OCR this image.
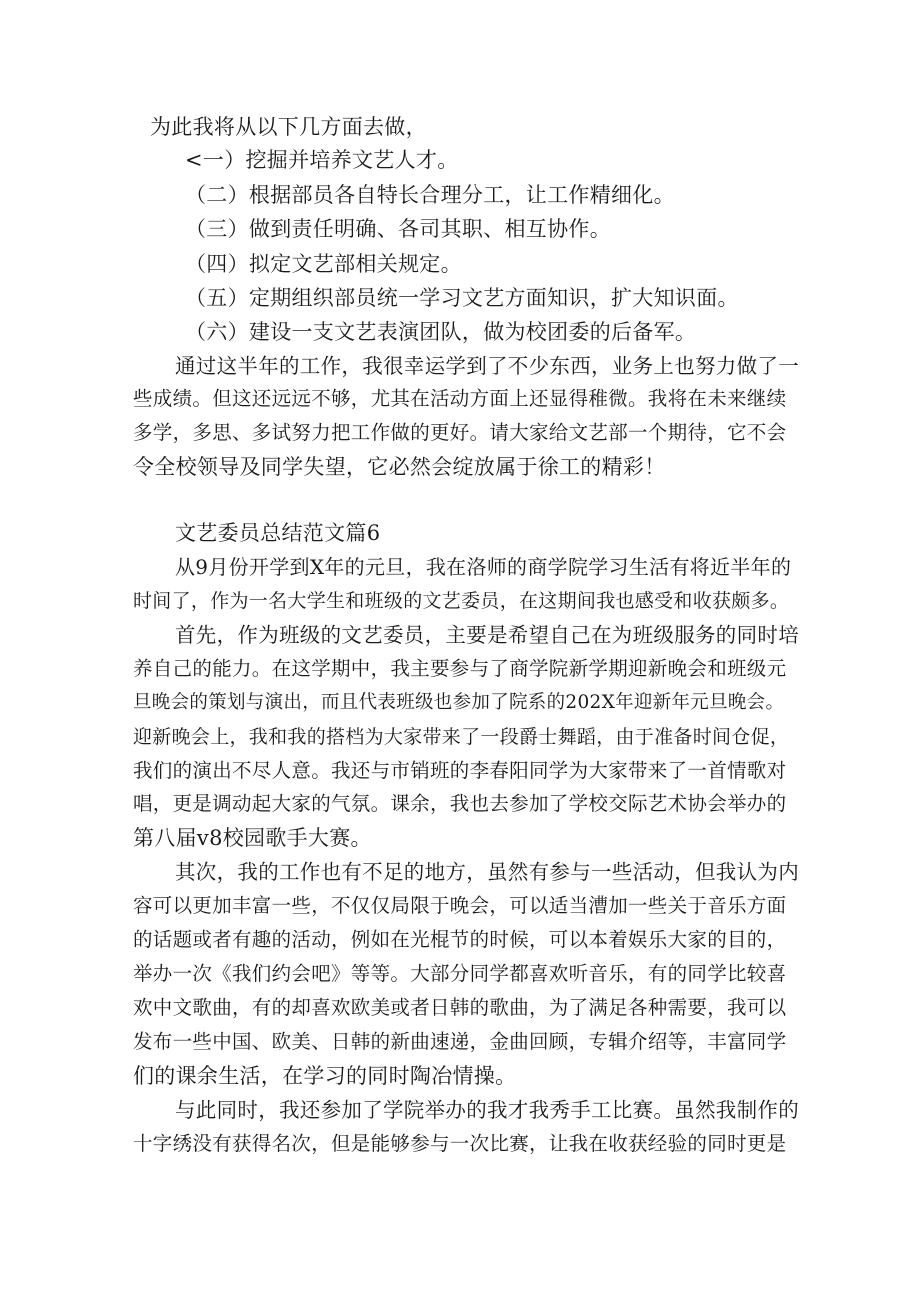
为此我将从以下几方面去做，
<一）挖掘并培养文艺人才。
（二）根据部员各自特长合理分工，让工作精细化。
（三）做到责任明确、各司其职、相互协作。
（四）拟定文艺部相关规定。
（五）定期组织部员统一学习文艺方面知识，扩大知识面。
（六）建设一支文艺表演团队，做为校团委的后备军。
通过这半年的工作，我很幸运学到了不少东西，业务上也努力做了一
些成绩。但这还远远不够，尤其在活动方面上还显得稚微。我将在未来继续
多学，多思、多试努力把工作做的更好。请大家给文艺部一个期待，它不会
令全校领导及同学失望，它必然会绽放属于徐工的精彩！
文艺委员总结范文篇6
从9月份开学到X年的元旦，我在洛师的商学院学习生活有将近半年的
时间了，作为一名大学生和班级的文艺委员，在这期间我也感受和收获颇多。
首先，作为班级的文艺委员，主要是希望自己在为班级服务的同时培
养自己的能力。在这学期中，我主要参与了商学院新学期迎新晚会和班级元
旦晚会的策划与演出，而且代表班级也参加了院系的202X年迎新年元旦晚会。
迎新晚会上，我和我的搭档为大家带来了一段爵士舞蹈，由于准备时间仓促，
我们的演出不尽人意。我还与市销班的李春阳同学为大家带来了一首情歌对
唱，更是调动起大家的气氛。课余，我也去参加了学校交际艺术协会举办的
第八届v8校园歌手大赛。
其次，我的工作也有不足的地方，虽然有参与一些活动，但我认为内
容可以更加丰富一些，不仅仅局限于晚会，可以适当漕加一些关于音乐方面
的话题或者有趣的活动，例如在光棍节的时候，可以本着娱乐大家的目的，
举办一次《我们约会吧》等等。大部分同学都喜欢听音乐，有的同学比较喜
欢中文歌曲，有的却喜欢欧美或者日韩的歌曲，为了满足各种需要，我可以
发布一些中国、欧美、日韩的新曲速递，金曲回顾，专辑介绍等，丰富同学
们的课余生活，在学习的同时陶冶情操。
与此同时，我还参加了学院举办的我才我秀手工比赛。虽然我制作的
十字绣没有获得名次，但是能够参与一次比赛，让我在收获经验的同时更是
